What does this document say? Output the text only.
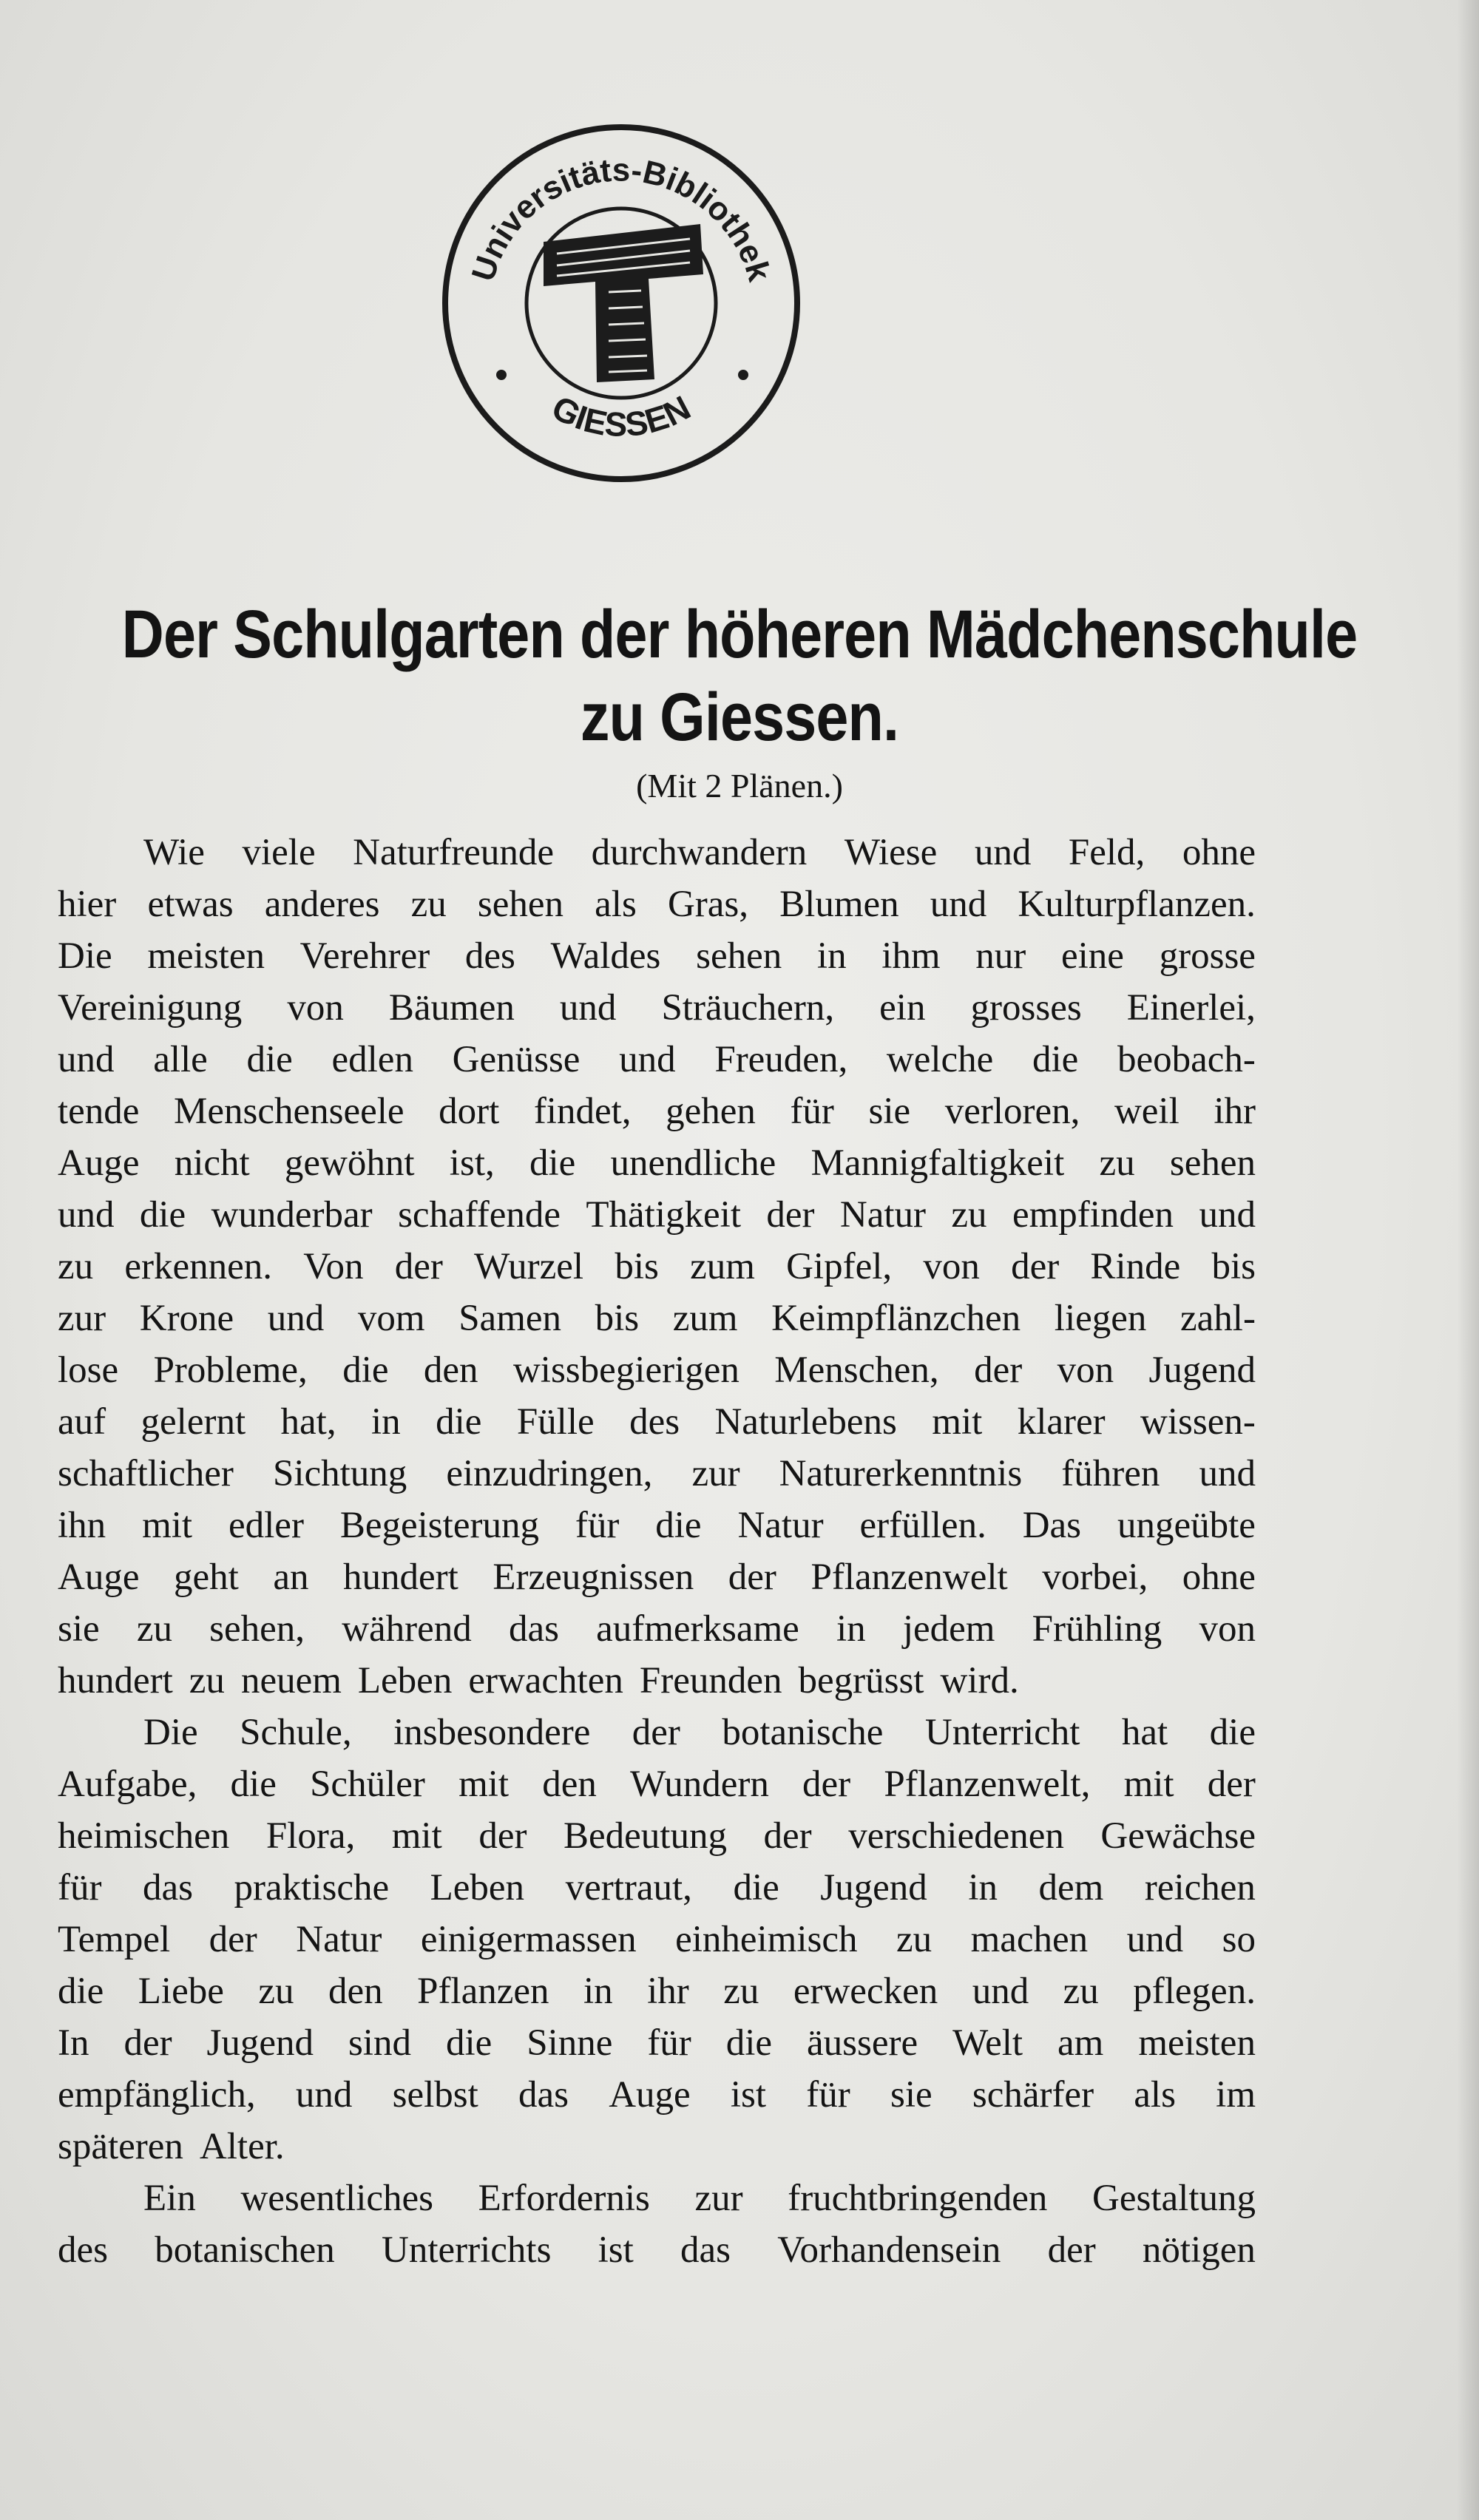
Universitäts-Bibliothek
GIESSEN
Der Schulgarten der höheren Mädchenschule
zu Giessen.
(Mit 2 Plänen.)
Wie viele Naturfreunde durchwandern Wiese und Feld, ohne
hier etwas anderes zu sehen als Gras, Blumen und Kulturpflanzen.
Die meisten Verehrer des Waldes sehen in ihm nur eine grosse
Vereinigung von Bäumen und Sträuchern, ein grosses Einerlei,
und alle die edlen Genüsse und Freuden, welche die beobach-
tende Menschenseele dort findet, gehen für sie verloren, weil ihr
Auge nicht gewöhnt ist, die unendliche Mannigfaltigkeit zu sehen
und die wunderbar schaffende Thätigkeit der Natur zu empfinden und
zu erkennen. Von der Wurzel bis zum Gipfel, von der Rinde bis
zur Krone und vom Samen bis zum Keimpflänzchen liegen zahl-
lose Probleme, die den wissbegierigen Menschen, der von Jugend
auf gelernt hat, in die Fülle des Naturlebens mit klarer wissen-
schaftlicher Sichtung einzudringen, zur Naturerkenntnis führen und
ihn mit edler Begeisterung für die Natur erfüllen. Das ungeübte
Auge geht an hundert Erzeugnissen der Pflanzenwelt vorbei, ohne
sie zu sehen, während das aufmerksame in jedem Frühling von
hundert zu neuem Leben erwachten Freunden begrüsst wird.
Die Schule, insbesondere der botanische Unterricht hat die
Aufgabe, die Schüler mit den Wundern der Pflanzenwelt, mit der
heimischen Flora, mit der Bedeutung der verschiedenen Gewächse
für das praktische Leben vertraut, die Jugend in dem reichen
Tempel der Natur einigermassen einheimisch zu machen und so
die Liebe zu den Pflanzen in ihr zu erwecken und zu pflegen.
In der Jugend sind die Sinne für die äussere Welt am meisten
empfänglich, und selbst das Auge ist für sie schärfer als im
späteren Alter.
Ein wesentliches Erfordernis zur fruchtbringenden Gestaltung
des botanischen Unterrichts ist das Vorhandensein der nötigen
